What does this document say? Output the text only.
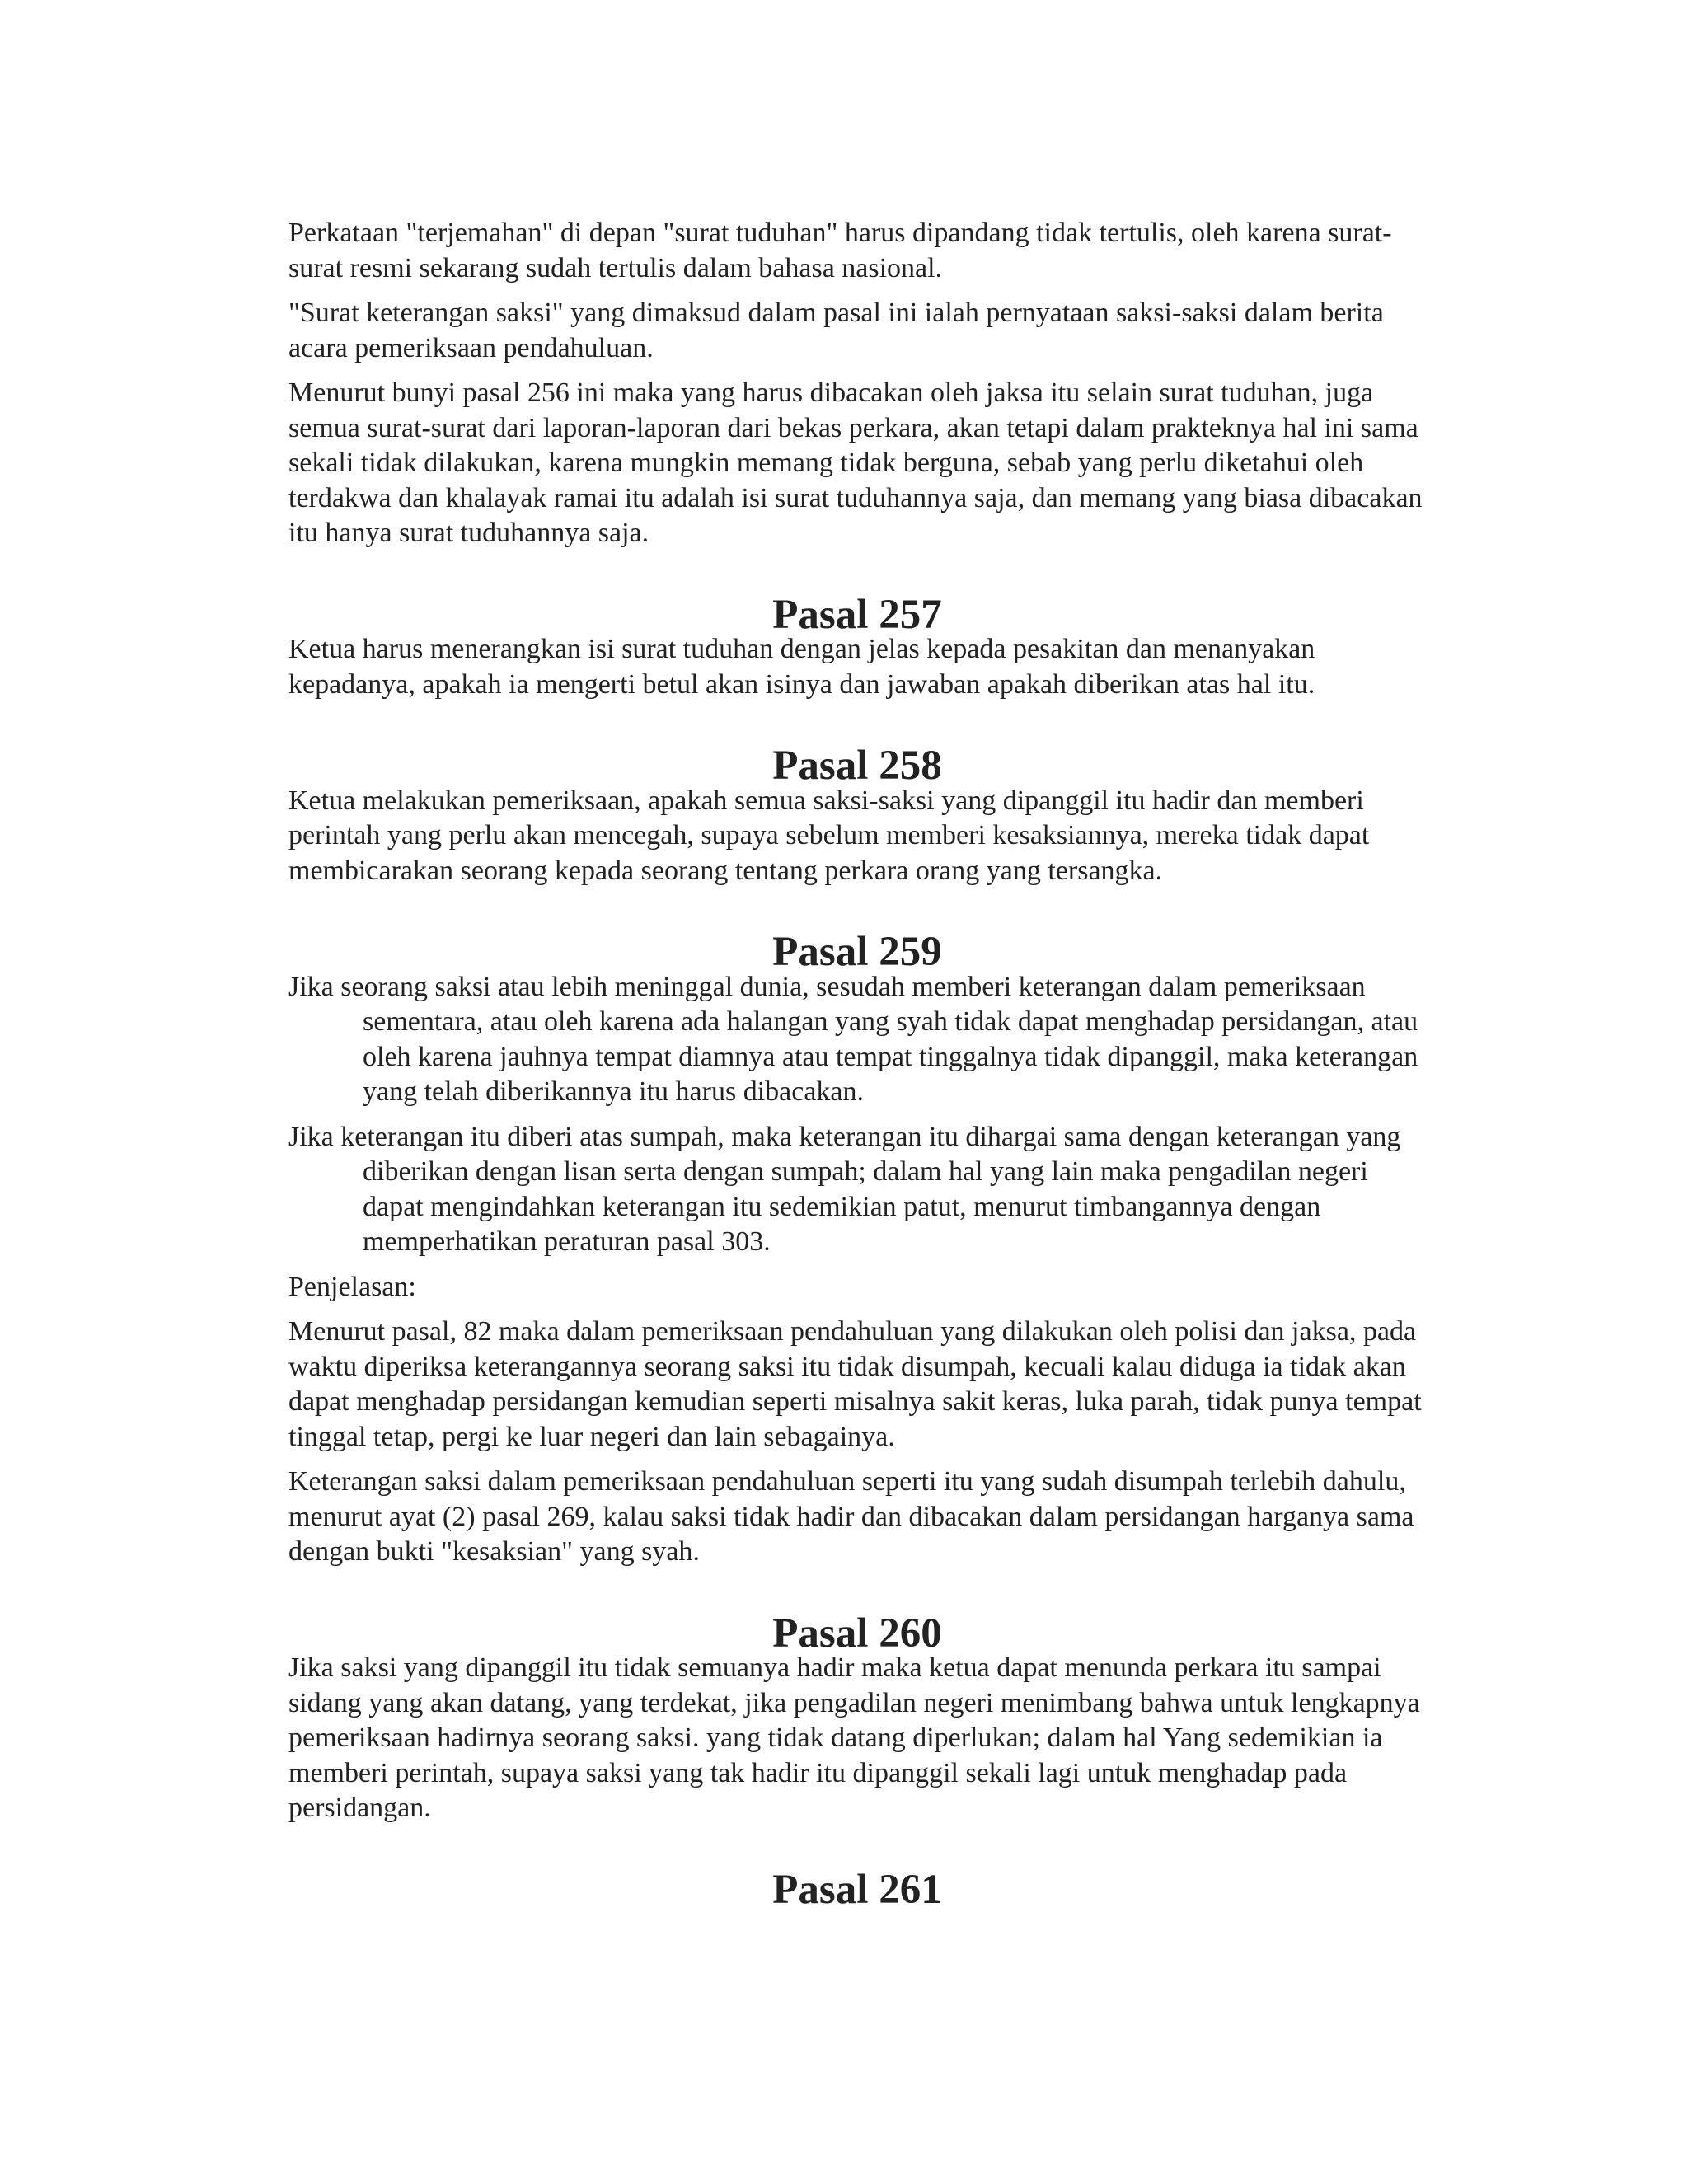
Perkataan "terjemahan" di depan "surat tuduhan" harus dipandang tidak tertulis, oleh karena surat-surat resmi sekarang sudah tertulis dalam bahasa nasional.

"Surat keterangan saksi" yang dimaksud dalam pasal ini ialah pernyataan saksi-saksi dalam berita acara pemeriksaan pendahuluan.

Menurut bunyi pasal 256 ini maka yang harus dibacakan oleh jaksa itu selain surat tuduhan, juga semua surat-surat dari laporan-laporan dari bekas perkara, akan tetapi dalam prakteknya hal ini sama sekali tidak dilakukan, karena mungkin memang tidak berguna, sebab yang perlu diketahui oleh terdakwa dan khalayak ramai itu adalah isi surat tuduhannya saja, dan memang yang biasa dibacakan itu hanya surat tuduhannya saja.

Pasal 257

Ketua harus menerangkan isi surat tuduhan dengan jelas kepada pesakitan dan menanyakan kepadanya, apakah ia mengerti betul akan isinya dan jawaban apakah diberikan atas hal itu.

Pasal 258

Ketua melakukan pemeriksaan, apakah semua saksi-saksi yang dipanggil itu hadir dan memberi perintah yang perlu akan mencegah, supaya sebelum memberi kesaksiannya, mereka tidak dapat membicarakan seorang kepada seorang tentang perkara orang yang tersangka.

Pasal 259

Jika seorang saksi atau lebih meninggal dunia, sesudah memberi keterangan dalam pemeriksaan sementara, atau oleh karena ada halangan yang syah tidak dapat menghadap persidangan, atau oleh karena jauhnya tempat diamnya atau tempat tinggalnya tidak dipanggil, maka keterangan yang telah diberikannya itu harus dibacakan.

Jika keterangan itu diberi atas sumpah, maka keterangan itu dihargai sama dengan keterangan yang diberikan dengan lisan serta dengan sumpah; dalam hal yang lain maka pengadilan negeri dapat mengindahkan keterangan itu sedemikian patut, menurut timbangannya dengan memperhatikan peraturan pasal 303.

Penjelasan:

Menurut pasal, 82 maka dalam pemeriksaan pendahuluan yang dilakukan oleh polisi dan jaksa, pada waktu diperiksa keterangannya seorang saksi itu tidak disumpah, kecuali kalau diduga ia tidak akan dapat menghadap persidangan kemudian seperti misalnya sakit keras, luka parah, tidak punya tempat tinggal tetap, pergi ke luar negeri dan lain sebagainya.

Keterangan saksi dalam pemeriksaan pendahuluan seperti itu yang sudah disumpah terlebih dahulu, menurut ayat (2) pasal 269, kalau saksi tidak hadir dan dibacakan dalam persidangan harganya sama dengan bukti "kesaksian" yang syah.

Pasal 260

Jika saksi yang dipanggil itu tidak semuanya hadir maka ketua dapat menunda perkara itu sampai sidang yang akan datang, yang terdekat, jika pengadilan negeri menimbang bahwa untuk lengkapnya pemeriksaan hadirnya seorang saksi. yang tidak datang diperlukan; dalam hal Yang sedemikian ia memberi perintah, supaya saksi yang tak hadir itu dipanggil sekali lagi untuk menghadap pada persidangan.

Pasal 261
